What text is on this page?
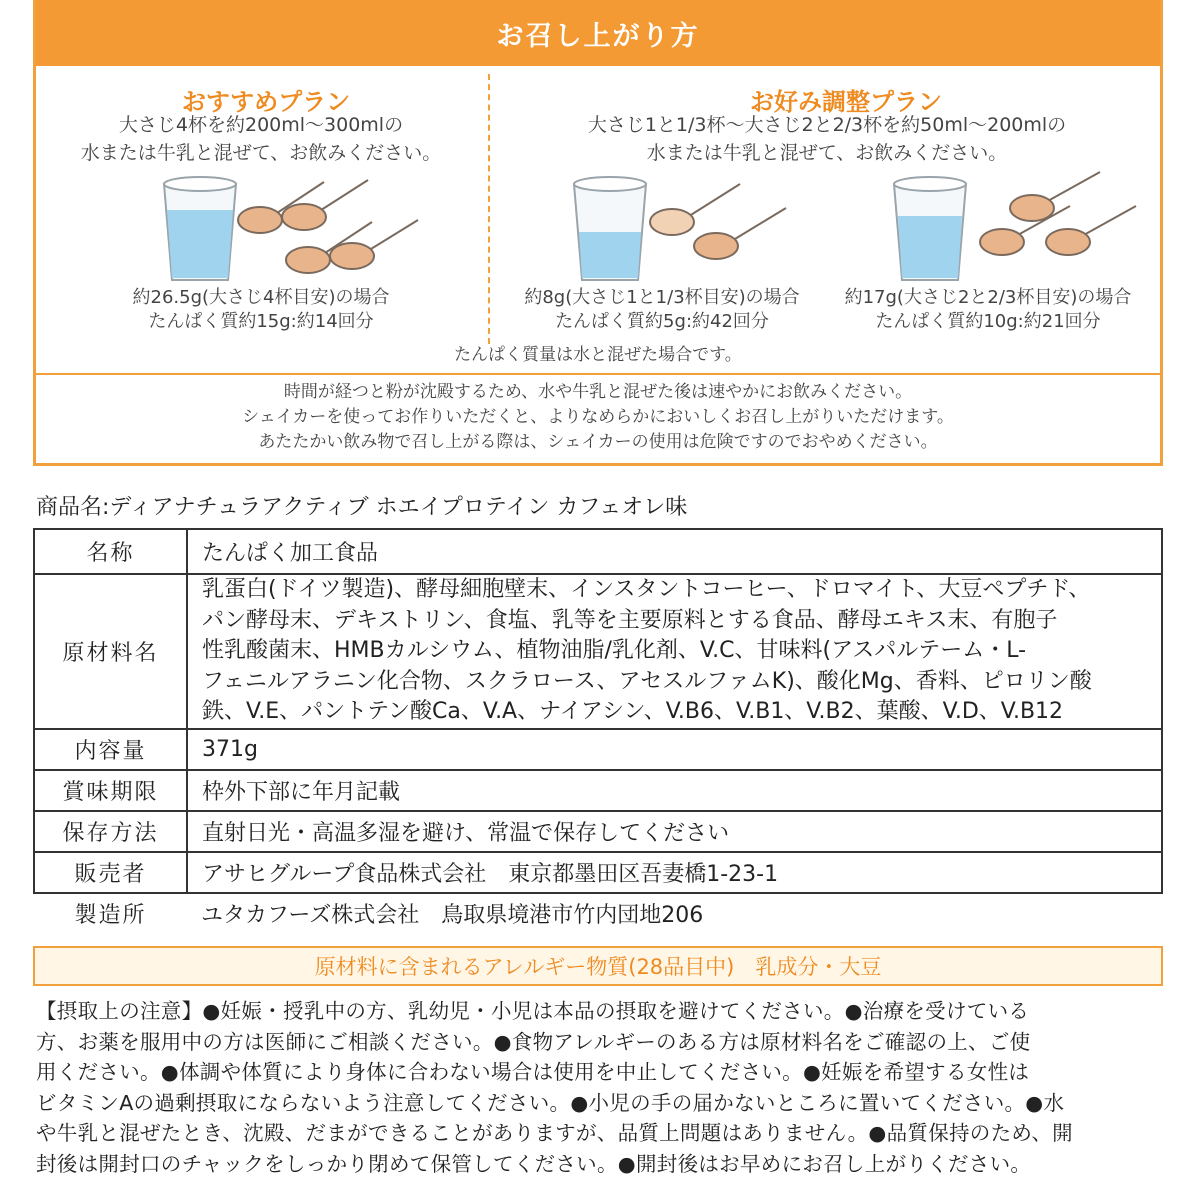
お召し上がり方
おすすめプラン
大さじ4杯を約200ml〜300mlの
水または牛乳と混ぜて、お飲みください。
約26.5g(大さじ4杯目安)の場合
たんぱく質約15g:約14回分
お好み調整プラン
大さじ1と1/3杯〜大さじ2と2/3杯を約50ml〜200mlの
水または牛乳と混ぜて、お飲みください。
約8g(大さじ1と1/3杯目安)の場合
たんぱく質約5g:約42回分
約17g(大さじ2と2/3杯目安)の場合
たんぱく質約10g:約21回分
たんぱく質量は水と混ぜた場合です。
時間が経つと粉が沈殿するため、水や牛乳と混ぜた後は速やかにお飲みください。
シェイカーを使ってお作りいただくと、よりなめらかにおいしくお召し上がりいただけます。
あたたかい飲み物で召し上がる際は、シェイカーの使用は危険ですのでおやめください。
商品名:ディアナチュラアクティブ ホエイプロテイン カフェオレ味
名称	たんぱく加工食品
原材料名	乳蛋白(ドイツ製造)、酵母細胞壁末、インスタントコーヒー、ドロマイト、大豆ペプチド、
パン酵母末、デキストリン、食塩、乳等を主要原料とする食品、酵母エキス末、有胞子
性乳酸菌末、HMBカルシウム、植物油脂/乳化剤、V.C、甘味料(アスパルテーム・L-
フェニルアラニン化合物、スクラロース、アセスルファムK)、酸化Mg、香料、ピロリン酸
鉄、V.E、パントテン酸Ca、V.A、ナイアシン、V.B6、V.B1、V.B2、葉酸、V.D、V.B12

内容量	371g
賞味期限	枠外下部に年月記載
保存方法	直射日光・高温多湿を避け、常温で保存してください
販売者	アサヒグループ食品株式会社　東京都墨田区吾妻橋1-23-1
製造所	ユタカフーズ株式会社　鳥取県境港市竹内団地206
原材料に含まれるアレルギー物質(28品目中)　乳成分・大豆
【摂取上の注意】●妊娠・授乳中の方、乳幼児・小児は本品の摂取を避けてください。●治療を受けている
方、お薬を服用中の方は医師にご相談ください。●食物アレルギーのある方は原材料名をご確認の上、ご使
用ください。●体調や体質により身体に合わない場合は使用を中止してください。●妊娠を希望する女性は
ビタミンAの過剰摂取にならないよう注意してください。●小児の手の届かないところに置いてください。●水
や牛乳と混ぜたとき、沈殿、だまができることがありますが、品質上問題はありません。●品質保持のため、開
封後は開封口のチャックをしっかり閉めて保管してください。●開封後はお早めにお召し上がりください。
